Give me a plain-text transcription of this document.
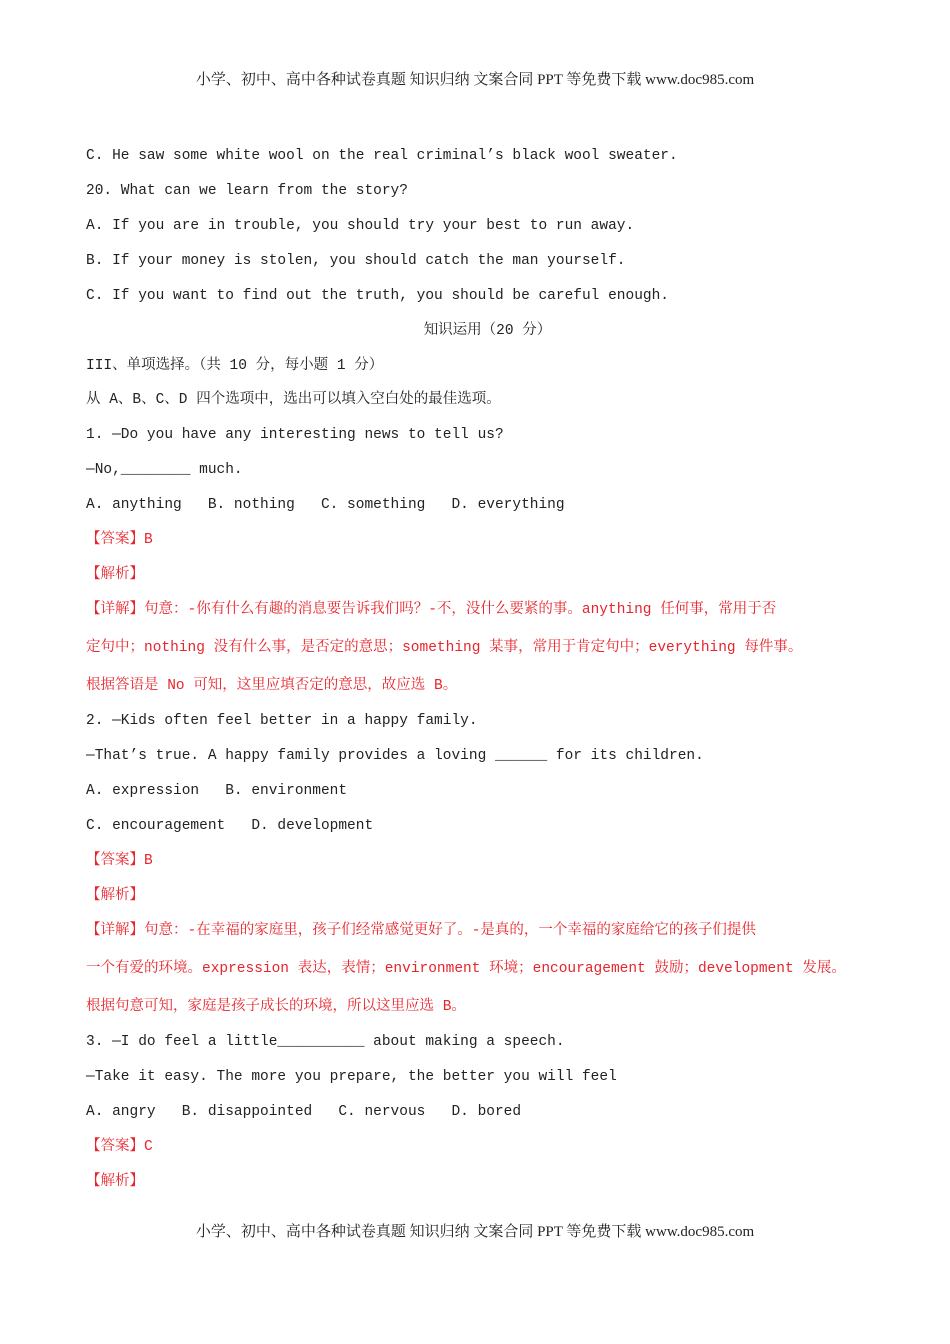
小学、初中、高中各种试卷真题 知识归纳 文案合同 PPT 等免费下载 www.doc985.com
C. He saw some white wool on the real criminal’s black wool sweater.
20. What can we learn from the story?
A. If you are in trouble, you should try your best to run away.
B. If your money is stolen, you should catch the man yourself.
C. If you want to find out the truth, you should be careful enough.
知识运用（20 分）
III、单项选择。（共 10 分，每小题 1 分）
从 A、B、C、D 四个选项中，选出可以填入空白处的最佳选项。
1. —Do you have any interesting news to tell us?
—No,________ much.
A. anything   B. nothing   C. something   D. everything
【答案】B
【解析】
【详解】句意：-你有什么有趣的消息要告诉我们吗？-不，没什么要紧的事。anything 任何事，常用于否
定句中；nothing 没有什么事，是否定的意思；something 某事，常用于肯定句中；everything 每件事。
根据答语是 No 可知，这里应填否定的意思，故应选 B。
2. —Kids often feel better in a happy family.
—That’s true. A happy family provides a loving ______ for its children.
A. expression   B. environment
C. encouragement   D. development
【答案】B
【解析】
【详解】句意：-在幸福的家庭里，孩子们经常感觉更好了。-是真的，一个幸福的家庭给它的孩子们提供
一个有爱的环境。expression 表达，表情；environment 环境；encouragement 鼓励；development 发展。
根据句意可知，家庭是孩子成长的环境，所以这里应选 B。
3. —I do feel a little__________ about making a speech.
—Take it easy. The more you prepare, the better you will feel
A. angry   B. disappointed   C. nervous   D. bored
【答案】C
【解析】
小学、初中、高中各种试卷真题 知识归纳 文案合同 PPT 等免费下载 www.doc985.com
